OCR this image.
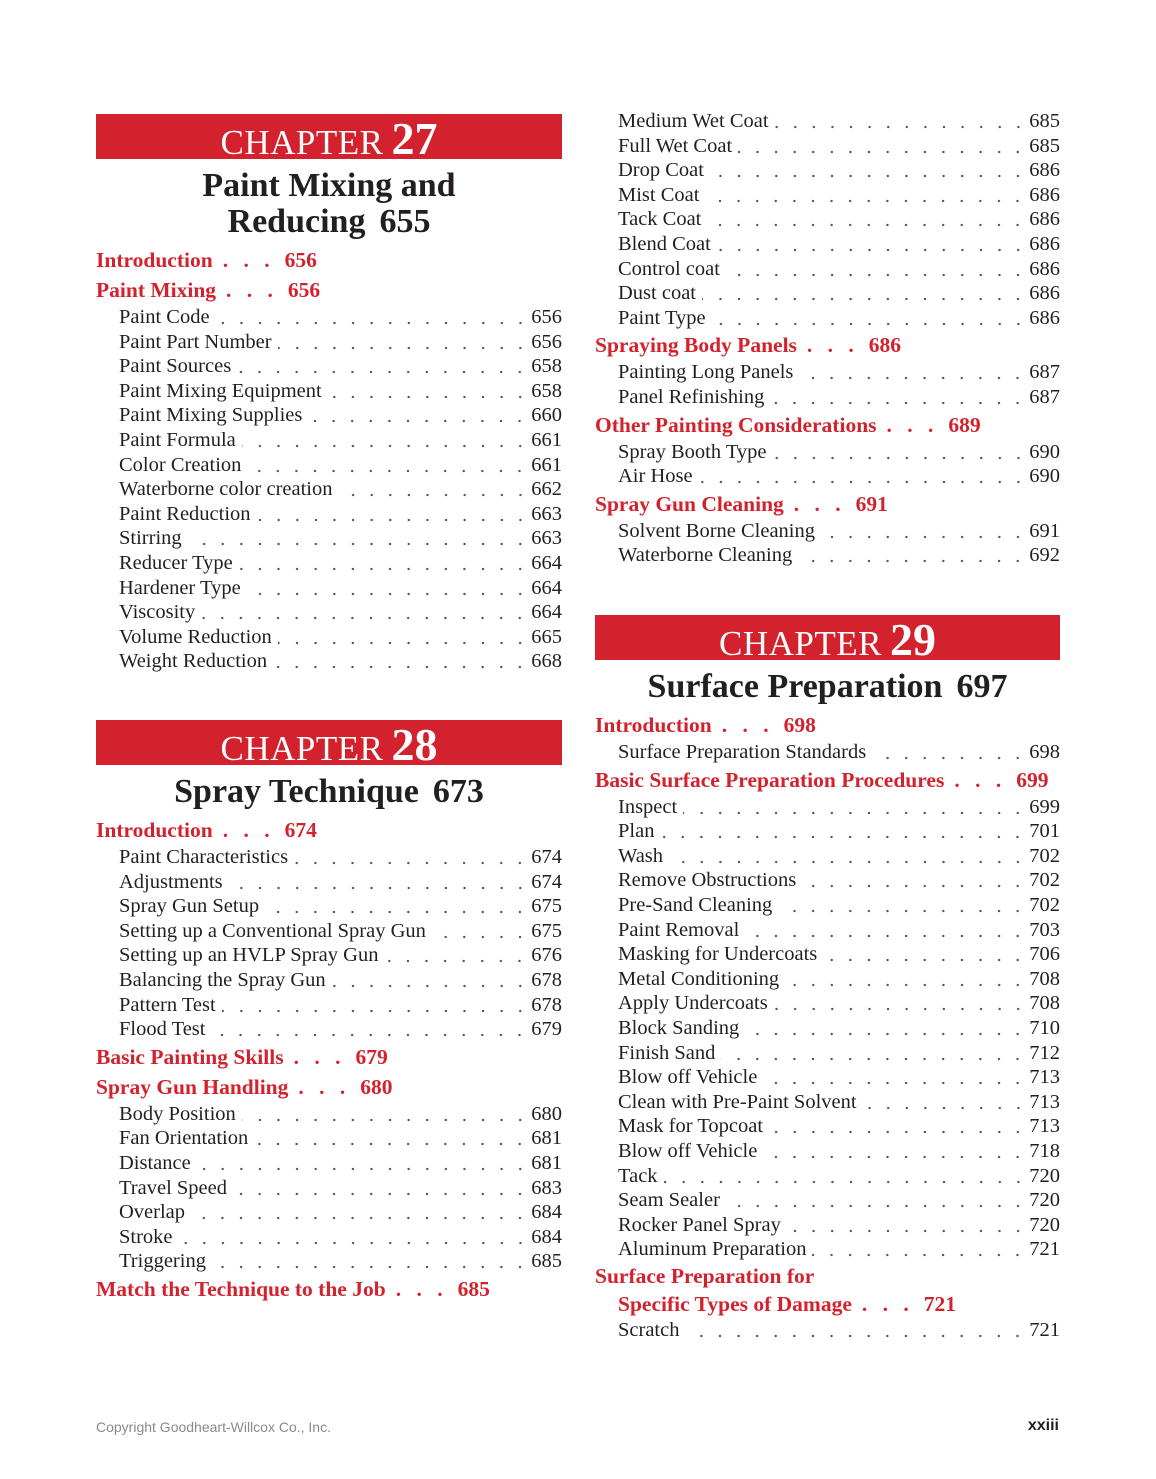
CHAPTER 27
Paint Mixing and
Reducing 655
Introduction . . . 656
Paint Mixing . . . 656
Paint Code	656
Paint Part Number	656
Paint Sources	658
Paint Mixing Equipment	658
Paint Mixing Supplies	660
Paint Formula	661
Color Creation	661
Waterborne color creation	662
Paint Reduction	663
Stirring	663
Reducer Type	664
Hardener Type	664
Viscosity	664
Volume Reduction	665
Weight Reduction	668
CHAPTER 28
Spray Technique 673
Introduction . . . 674
Paint Characteristics	674
Adjustments	674
Spray Gun Setup	675
Setting up a Conventional Spray Gun	675
Setting up an HVLP Spray Gun	676
Balancing the Spray Gun	678
Pattern Test	678
Flood Test	679
Basic Painting Skills . . . 679
Spray Gun Handling . . . 680
Body Position	680
Fan Orientation	681
Distance	681
Travel Speed	683
Overlap	684
Stroke	684
Triggering	685
Match the Technique to the Job . . . 685
Medium Wet Coat	685
Full Wet Coat	685
Drop Coat	686
Mist Coat	686
Tack Coat	686
Blend Coat	686
Control coat	686
Dust coat	686
Paint Type	686
Spraying Body Panels . . . 686
Painting Long Panels	687
Panel Refinishing	687
Other Painting Considerations . . . 689
Spray Booth Type	690
Air Hose	690
Spray Gun Cleaning . . . 691
Solvent Borne Cleaning	691
Waterborne Cleaning	692
CHAPTER 29
Surface Preparation 697
Introduction . . . 698
Surface Preparation Standards	698
Basic Surface Preparation Procedures . . . 699
Inspect	699
Plan	701
Wash	702
Remove Obstructions	702
Pre-Sand Cleaning	702
Paint Removal	703
Masking for Undercoats	706
Metal Conditioning	708
Apply Undercoats	708
Block Sanding	710
Finish Sand	712
Blow off Vehicle	713
Clean with Pre-Paint Solvent	713
Mask for Topcoat	713
Blow off Vehicle	718
Tack	720
Seam Sealer	720
Rocker Panel Spray	720
Aluminum Preparation	721
Surface Preparation for
Specific Types of Damage . . . 721
Scratch	721
Copyright Goodheart-Willcox Co., Inc.	xxiii
